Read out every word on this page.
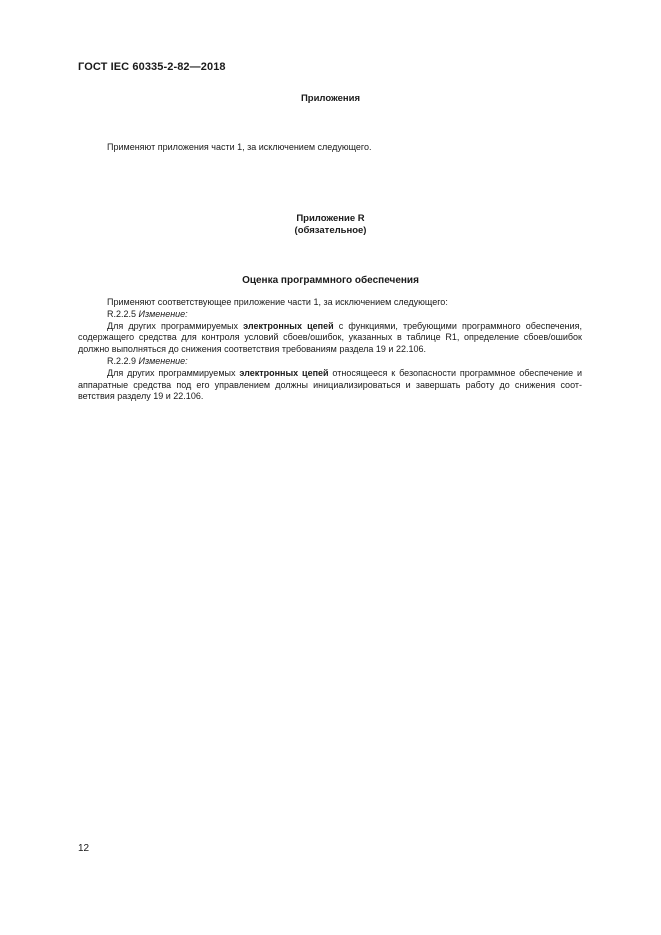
ГОСТ IEC 60335-2-82—2018
Приложения
Применяют приложения части 1, за исключением следующего.
Приложение R
(обязательное)
Оценка программного обеспечения

Применяют соответствующее приложение части 1, за исключением следующего:

R.2.2.5 Изменение:

Для других программируемых электронных цепей с функциями, требующими программного обеспечения, содержащего средства для контроля условий сбоев/ошибок, указанных в таблице R1, определение сбоев/ошибок должно выполняться до снижения соответствия требованиям раздела 19 и 22.106.

R.2.2.9 Изменение:

Для других программируемых электронных цепей относящееся к безопасности программное обеспечение и аппаратные средства под его управлением должны инициализироваться и завершать работу до снижения соответствия разделу 19 и 22.106.

12
